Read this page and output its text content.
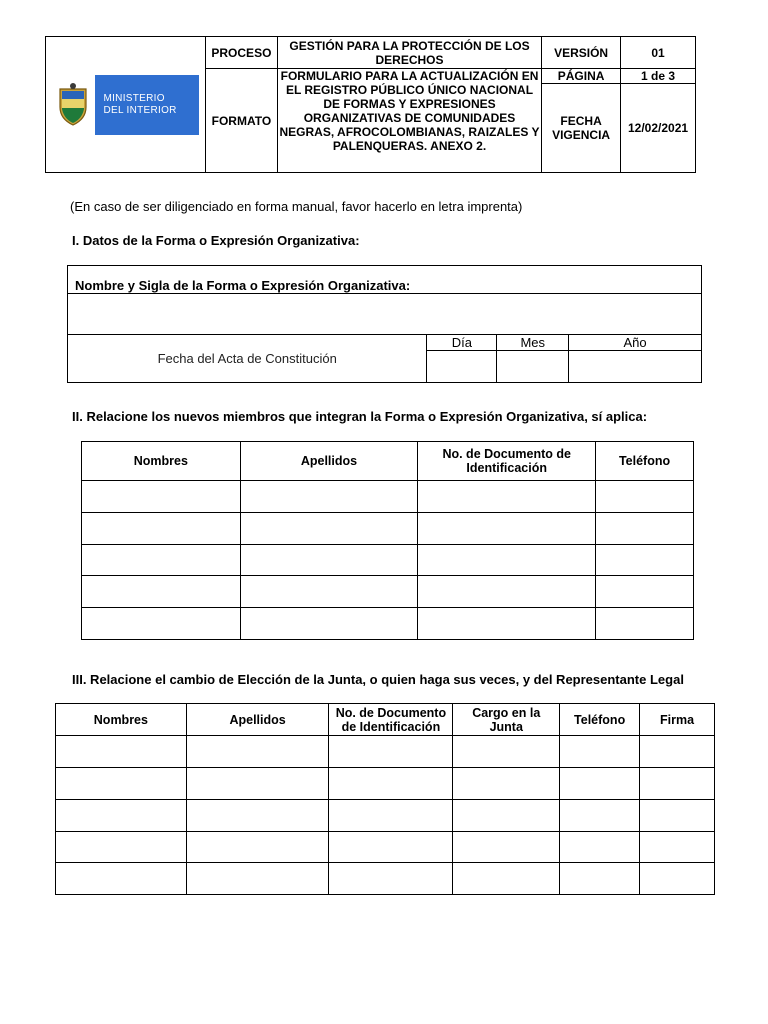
MINISTERIO
DEL INTERIOR	PROCESO	GESTIÓN PARA LA PROTECCIÓN DE LOS DERECHOS	VERSIÓN	01
	FORMATO	FORMULARIO PARA LA ACTUALIZACIÓN EN EL REGISTRO PÚBLICO ÚNICO NACIONAL DE FORMAS Y EXPRESIONES ORGANIZATIVAS DE COMUNIDADES NEGRAS, AFROCOLOMBIANAS, RAIZALES Y PALENQUERAS. ANEXO 2.	PÁGINA	1 de 3
			FECHA VIGENCIA	12/02/2021
(En caso de ser diligenciado en forma manual, favor hacerlo en letra imprenta)
I. Datos de la Forma o Expresión Organizativa:
Nombre y Sigla de la Forma o Expresión Organizativa:			

Fecha del Acta de Constitución	Día	Mes	Año

II. Relacione los nuevos miembros que integran la Forma o Expresión Organizativa, sí aplica:
Nombres	Apellidos	No. de Documento de Identificación	Teléfono

III. Relacione el cambio de Elección de la Junta, o quien haga sus veces, y del Representante Legal
Nombres	Apellidos	No. de Documento de Identificación	Cargo en la Junta	Teléfono	Firma
